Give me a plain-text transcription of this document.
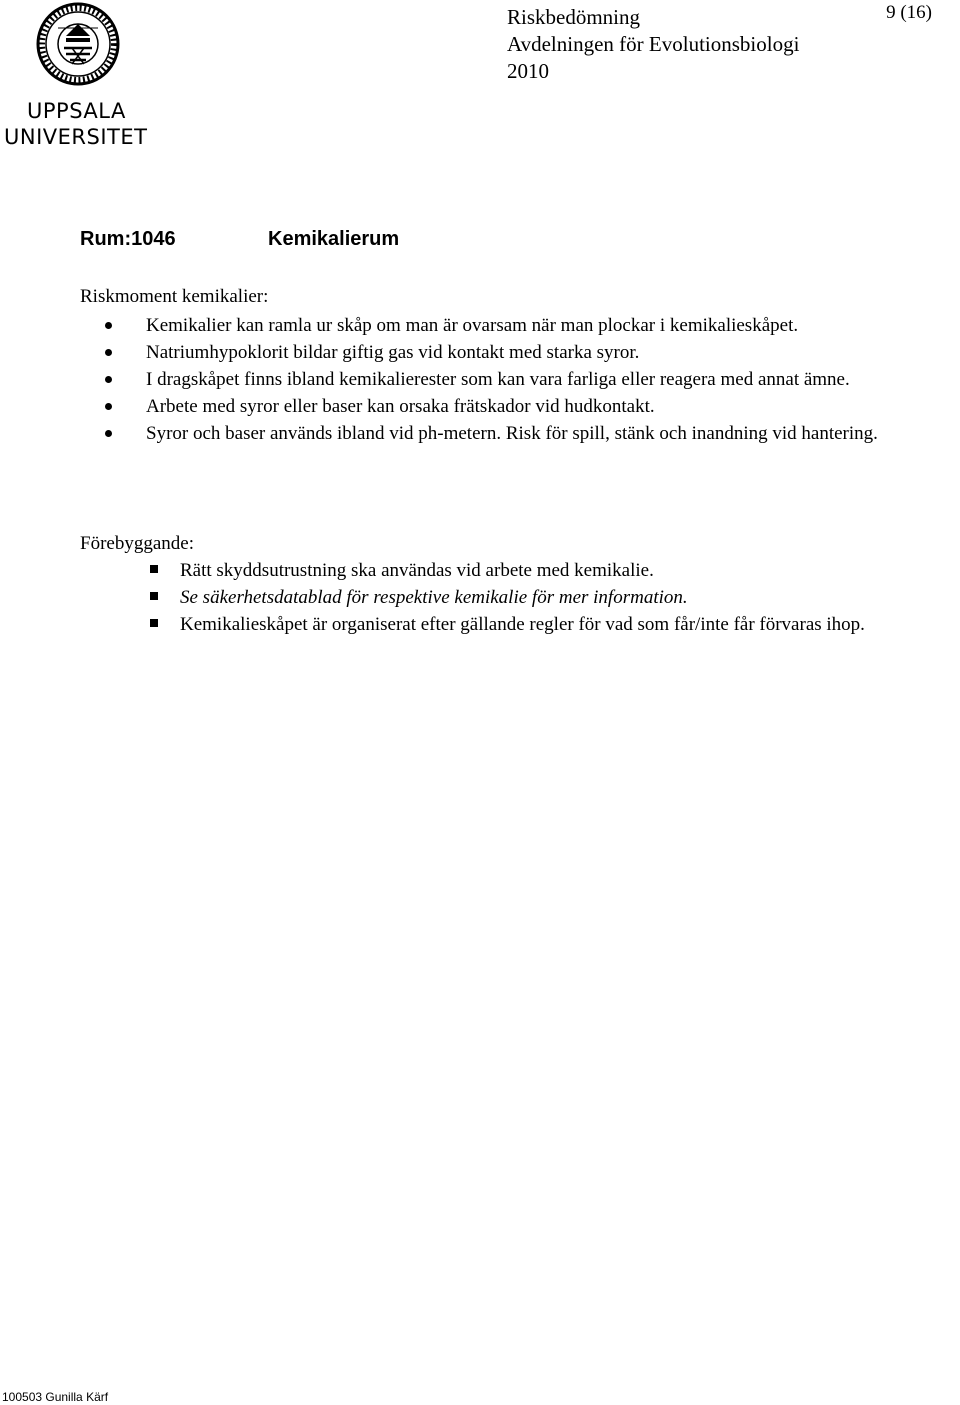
UPPSALA
UNIVERSITET
Riskbedömning
Avdelningen för Evolutionsbiologi
2010
9 (16)
Rum:1046	Kemikalierum
Riskmoment kemikalier:
Kemikalier kan ramla ur skåp om man är ovarsam när man plockar i kemikalieskåpet.
Natriumhypoklorit bildar giftig gas vid kontakt med starka syror.
I dragskåpet finns ibland kemikalierester som kan vara farliga eller reagera med annat ämne.
Arbete med syror eller baser kan orsaka frätskador vid hudkontakt.
Syror och baser används ibland vid ph-metern. Risk för spill, stänk och inandning vid hantering.
Förebyggande:
Rätt skyddsutrustning ska användas vid arbete med kemikalie.
Se säkerhetsdatablad för respektive kemikalie för mer information.
Kemikalieskåpet är organiserat efter gällande regler för vad som får/inte får förvaras ihop.
100503 Gunilla Kärf
